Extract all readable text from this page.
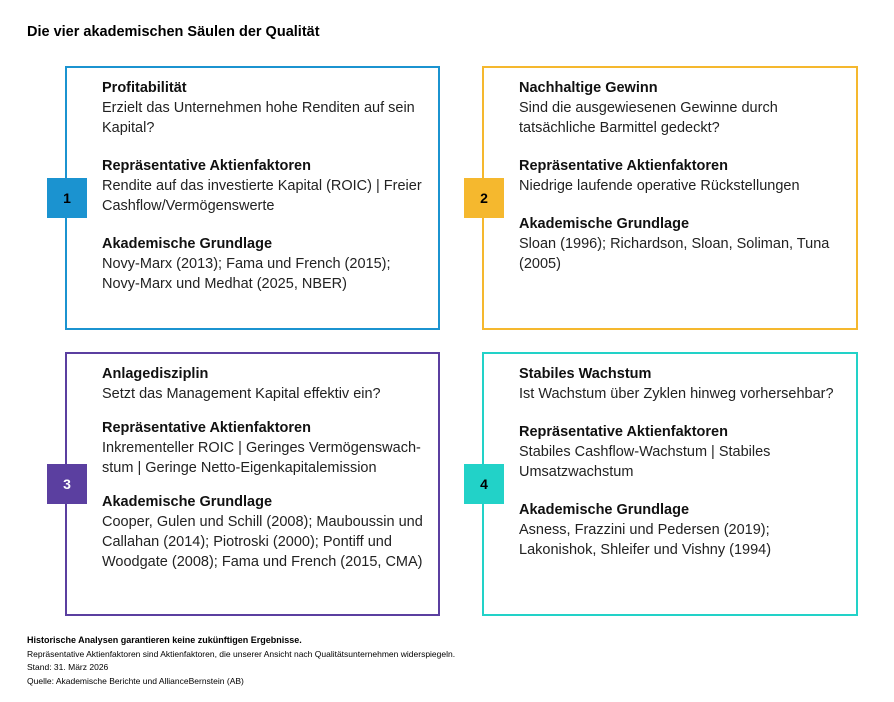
Die vier akademischen Säulen der Qualität
1
Profitabilität
Erzielt das Unternehmen hohe Renditen auf sein Kapital?
Repräsentative Aktienfaktoren
Rendite auf das investierte Kapital (ROIC) | Freier Cashflow/Vermögenswerte
Akademische Grundlage
Novy-Marx (2013); Fama und French (2015); Novy-Marx und Medhat (2025, NBER)
2
Nachhaltige Gewinn
Sind die ausgewiesenen Gewinne durch tatsächliche Barmittel gedeckt?
Repräsentative Aktienfaktoren
Niedrige laufende operative Rückstellungen
Akademische Grundlage
Sloan (1996); Richardson, Sloan, Soliman, Tuna (2005)
3
Anlagedisziplin
Setzt das Management Kapital effektiv ein?
Repräsentative Aktienfaktoren
Inkrementeller ROIC | Geringes Vermögenswachstum | Geringe Netto-Eigenkapitalemission
Akademische Grundlage
Cooper, Gulen und Schill (2008); Mauboussin und Callahan (2014); Piotroski (2000); Pontiff und Woodgate (2008); Fama und French (2015, CMA)
4
Stabiles Wachstum
Ist Wachstum über Zyklen hinweg vorhersehbar?
Repräsentative Aktienfaktoren
Stabiles Cashflow-Wachstum | Stabiles Umsatzwachstum
Akademische Grundlage
Asness, Frazzini und Pedersen (2019); Lakonishok, Shleifer und Vishny (1994)
Historische Analysen garantieren keine zukünftigen Ergebnisse.
Repräsentative Aktienfaktoren sind Aktienfaktoren, die unserer Ansicht nach Qualitätsunternehmen widerspiegeln.
Stand: 31. März 2026
Quelle: Akademische Berichte und AllianceBernstein (AB)
